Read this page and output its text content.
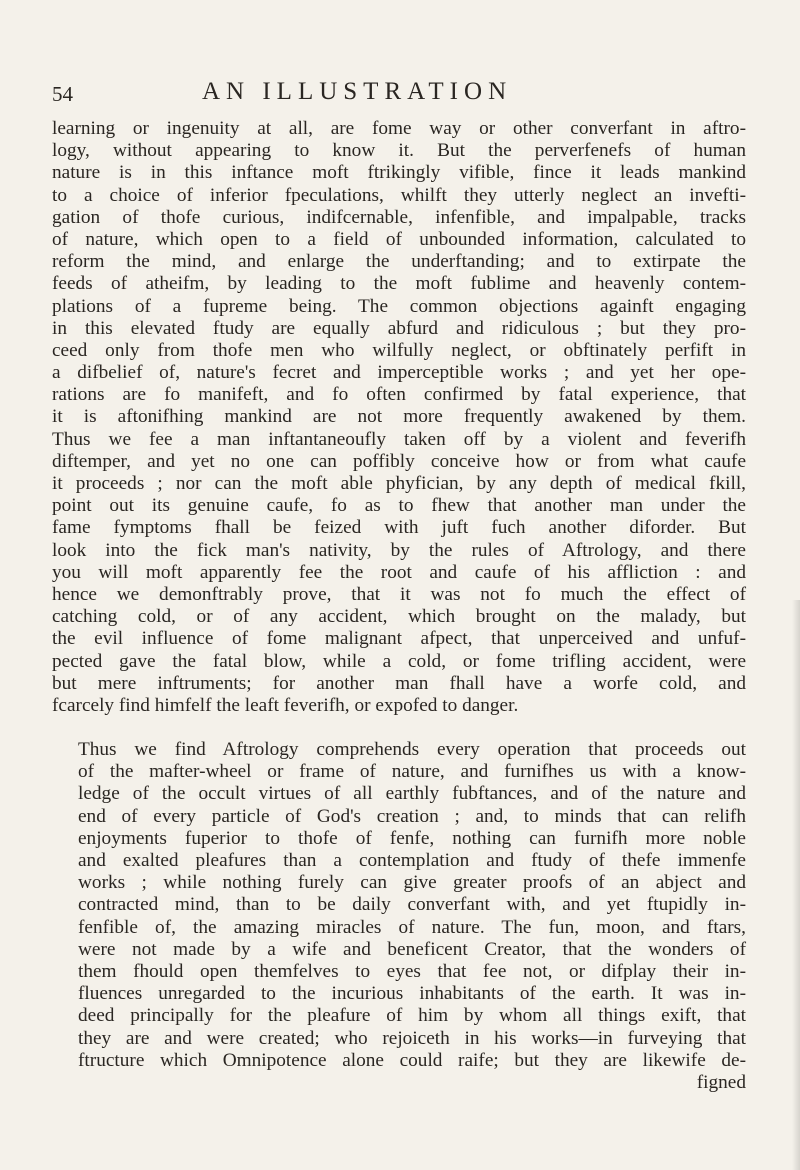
54	AN ILLUSTRATION
learning or ingenuity at all, are fome way or other converfant in aftro-
logy, without appearing to know it. But the perverfenefs of human
nature is in this inftance moft ftrikingly vifible, fince it leads mankind
to a choice of inferior fpeculations, whilft they utterly neglect an invefti-
gation of thofe curious, indifcernable, infenfible, and impalpable, tracks
of nature, which open to a field of unbounded information, calculated to
reform the mind, and enlarge the underftanding; and to extirpate the
feeds of atheifm, by leading to the moft fublime and heavenly contem-
plations of a fupreme being. The common objections againft engaging
in this elevated ftudy are equally abfurd and ridiculous ; but they pro-
ceed only from thofe men who wilfully neglect, or obftinately perfift in
a difbelief of, nature's fecret and imperceptible works ; and yet her ope-
rations are fo manifeft, and fo often confirmed by fatal experience, that
it is aftonifhing mankind are not more frequently awakened by them.
Thus we fee a man inftantaneoufly taken off by a violent and feverifh
diftemper, and yet no one can poffibly conceive how or from what caufe
it proceeds ; nor can the moft able phyfician, by any depth of medical fkill,
point out its genuine caufe, fo as to fhew that another man under the
fame fymptoms fhall be feized with juft fuch another diforder. But
look into the fick man's nativity, by the rules of Aftrology, and there
you will moft apparently fee the root and caufe of his affliction : and
hence we demonftrably prove, that it was not fo much the effect of
catching cold, or of any accident, which brought on the malady, but
the evil influence of fome malignant afpect, that unperceived and unfuf-
pected gave the fatal blow, while a cold, or fome trifling accident, were
but mere inftruments; for another man fhall have a worfe cold, and
fcarcely find himfelf the leaft feverifh, or expofed to danger.
Thus we find Aftrology comprehends every operation that proceeds out
of the mafter-wheel or frame of nature, and furnifhes us with a know-
ledge of the occult virtues of all earthly fubftances, and of the nature and
end of every particle of God's creation ; and, to minds that can relifh
enjoyments fuperior to thofe of fenfe, nothing can furnifh more noble
and exalted pleafures than a contemplation and ftudy of thefe immenfe
works ; while nothing furely can give greater proofs of an abject and
contracted mind, than to be daily converfant with, and yet ftupidly in-
fenfible of, the amazing miracles of nature. The fun, moon, and ftars,
were not made by a wife and beneficent Creator, that the wonders of
them fhould open themfelves to eyes that fee not, or difplay their in-
fluences unregarded to the incurious inhabitants of the earth. It was in-
deed principally for the pleafure of him by whom all things exift, that
they are and were created; who rejoiceth in his works—in furveying that
ftructure which Omnipotence alone could raife; but they are likewife de-
figned
